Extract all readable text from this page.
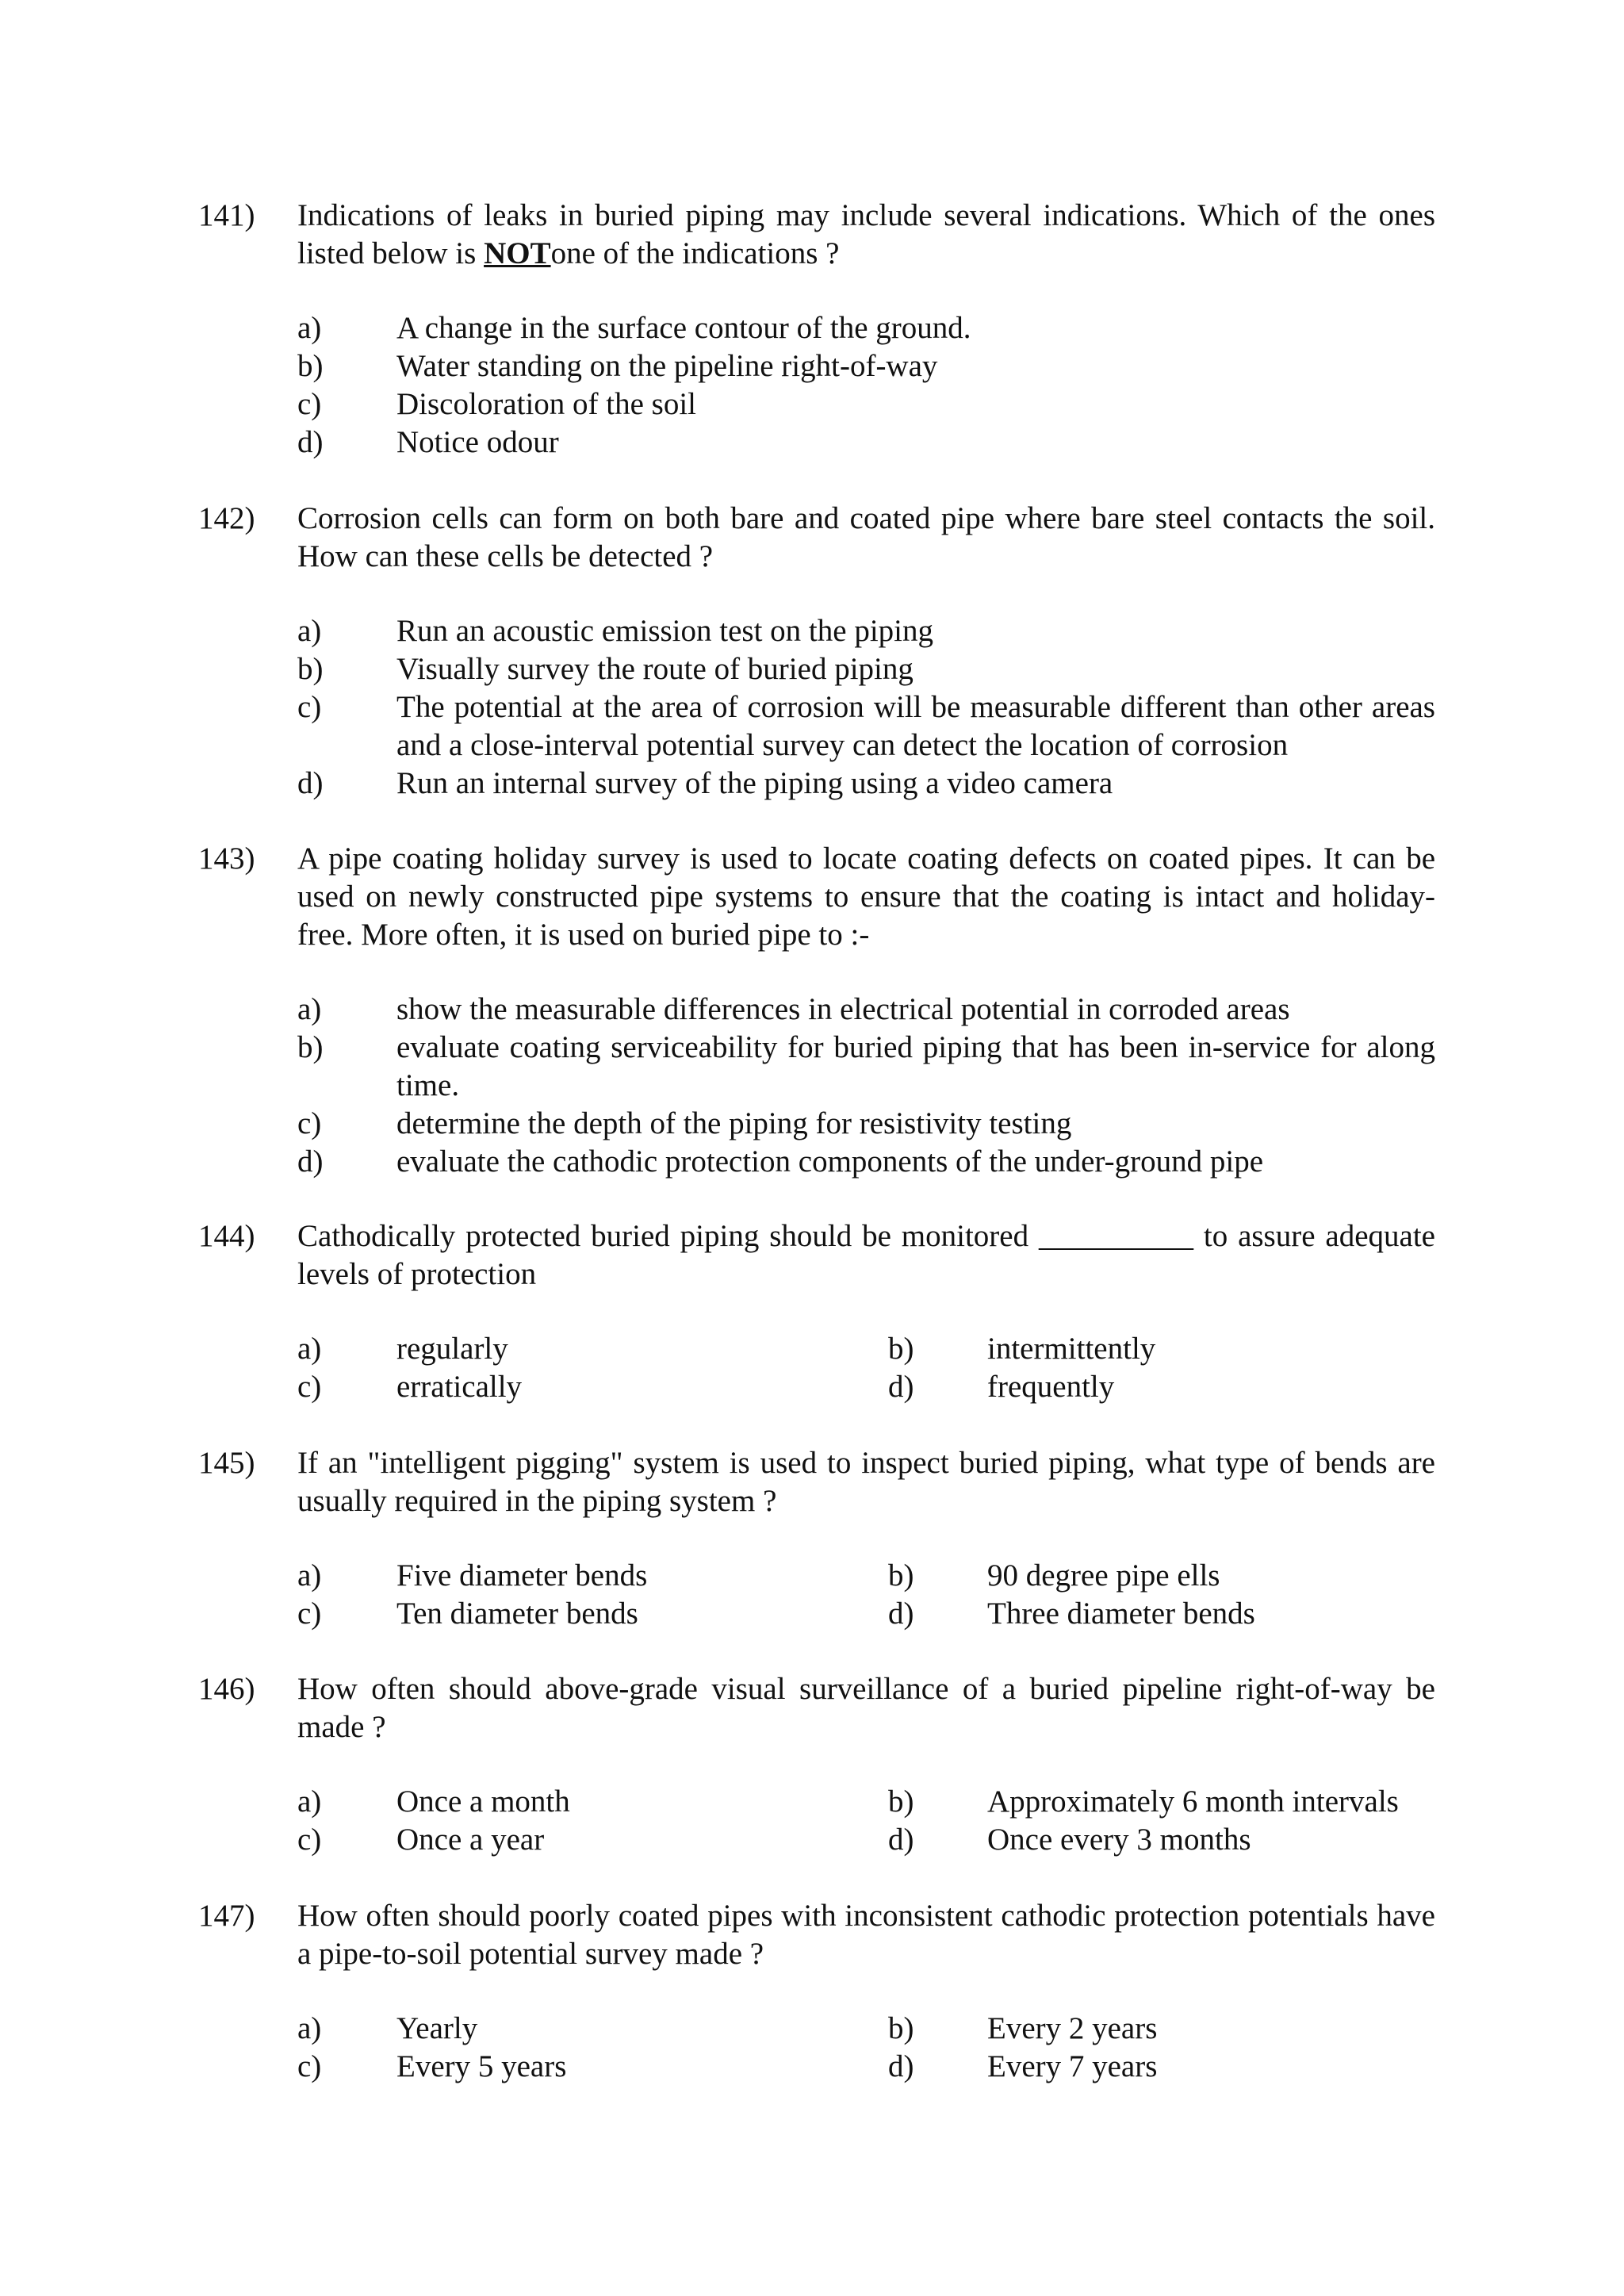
141) Indications of leaks in buried piping may include several indications. Which of the ones listed below is NOTone of the indications ?
a) A change in the surface contour of the ground.
b) Water standing on the pipeline right-of-way
c) Discoloration of the soil
d) Notice odour
142) Corrosion cells can form on both bare and coated pipe where bare steel contacts the soil. How can these cells be detected ?
a) Run an acoustic emission test on the piping
b) Visually survey the route of buried piping
c) The potential at the area of corrosion will be measurable different than other areas and a close-interval potential survey can detect the location of corrosion
d) Run an internal survey of the piping using a video camera
143) A pipe coating holiday survey is used to locate coating defects on coated pipes. It can be used on newly constructed pipe systems to ensure that the coating is intact and holiday-free. More often, it is used on buried pipe to :-
a) show the measurable differences in electrical potential in corroded areas
b) evaluate coating serviceability for buried piping that has been in-service for along time.
c) determine the depth of the piping for resistivity testing
d) evaluate the cathodic protection components of the under-ground pipe
144) Cathodically protected buried piping should be monitored __________ to assure adequate levels of protection
a) regularly	b) intermittently
c) erratically	d) frequently
145) If an "intelligent pigging" system is used to inspect buried piping, what type of bends are usually required in the piping system ?
a) Five diameter bends	b) 90 degree pipe ells
c) Ten diameter bends	d) Three diameter bends
146) How often should above-grade visual surveillance of a buried pipeline right-of-way be made ?
a) Once a month	b) Approximately 6 month intervals
c) Once a year	d) Once every 3 months
147) How often should poorly coated pipes with inconsistent cathodic protection potentials have a pipe-to-soil potential survey made ?
a) Yearly	b) Every 2 years
c) Every 5 years	d) Every 7 years
